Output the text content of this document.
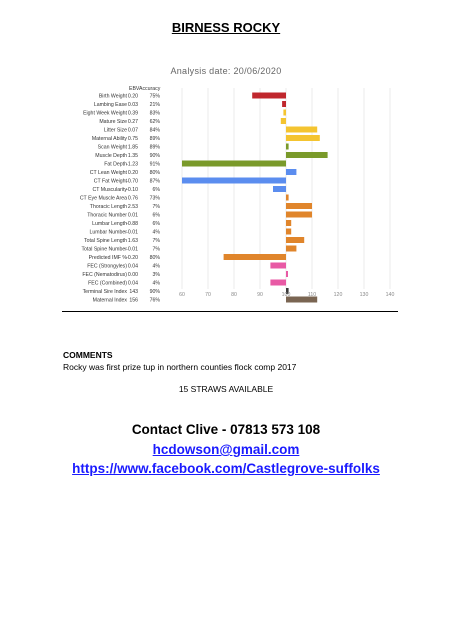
BIRNESS ROCKY
Analysis date: 20/06/2020
EBV Accuracy
Birth Weight 0.20 75%
Lambing Ease 0.03 21%
Eight Week Weight 0.39 83%
Mature Size 0.27 62%
Litter Size 0.07 84%
Maternal Ability 0.75 89%
Scan Weight 1.85 89%
Muscle Depth 1.35 90%
Fat Depth -1.23 91%
CT Lean Weight 0.20 80%
CT Fat Weight -0.70 87%
CT Muscularity -0.10	6%
CT Eye Muscle Area 0.76 73%
Thoracic Length 2.53	7%
Thoracic Number 0.01	6%
Lumbar Length -0.88	6%
Lumbar Number -0.01	4%
Total Spine Length 1.63	7%
Total Spine Number -0.01	7%
Predicted IMF % -0.20 80%
FEC (Strongyles) 0.04	4%
FEC (Nematodirus) 0.00	3%
FEC (Combined) 0.04	4%
Terminal Sire Index 143 90%
Maternal Index 156 76%
60	70	80	90	100	110	120	130	140
COMMENTS
Rocky was first prize tup in northern counties flock comp 2017
15 STRAWS AVAILABLE
Contact Clive - 07813 573 108
hcdowson@gmail.com
https://www.facebook.com/Castlegrove-suffolks
